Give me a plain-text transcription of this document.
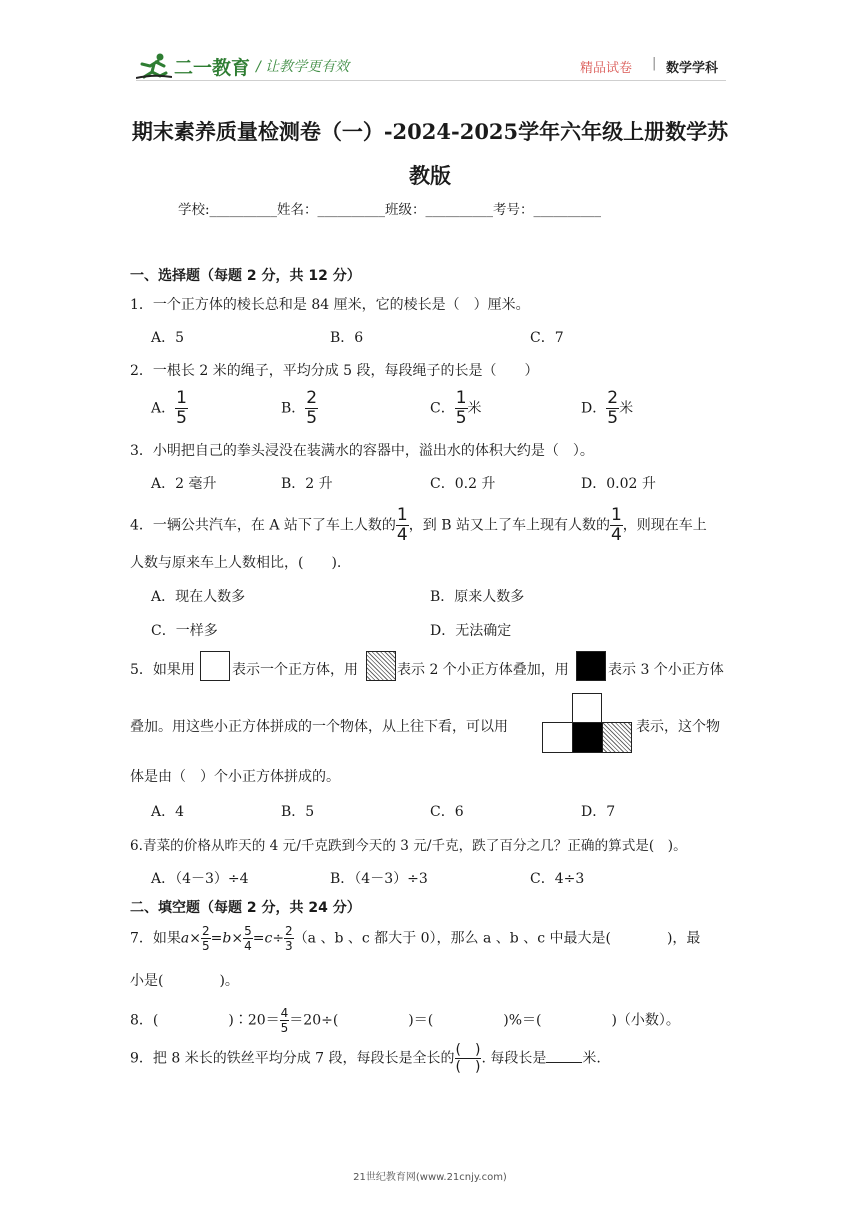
二一教育 / 让教学更有效	精品试卷 | 数学学科
期末素养质量检测卷（一）-2024-2025学年六年级上册数学苏
教版
学校:__________姓名：__________班级：__________考号：__________
一、选择题（每题 2 分，共 12 分）
1．一个正方体的棱长总和是 84 厘米，它的棱长是（　）厘米。
A．5	B．6	C．7
2．一根长 2 米的绳子，平均分成 5 段，每段绳子的长是（　　）
A． $\frac{1}{5}$	B． $\frac{2}{5}$	C． $\frac{1}{5}$ 米	D． $\frac{2}{5}$ 米
3．小明把自己的拳头浸没在装满水的容器中，溢出水的体积大约是（　）。
A．2 毫升	B．2 升	C．0.2 升	D．0.02 升
4．一辆公共汽车，在 A 站下了车上人数的 $\frac{1}{4}$ ，到 B 站又上了车上现有人数的 $\frac{1}{4}$ ，则现在车上
人数与原来车上人数相比，(　　).
A．现在人数多	B．原来人数多
C．一样多	D．无法确定
5．如果用	表示一个正方体，用	表示 2 个小正方体叠加，用	表示 3 个小正方体
叠加。用这些小正方体拼成的一个物体，从上往下看，可以用	表示，这个物
体是由（　）个小正方体拼成的。
A．4	B．5	C．6	D．7
6.青菜的价格从昨天的 4 元/千克跌到今天的 3 元/千克，跌了百分之几？正确的算式是(　)。
A．（4－3）÷4	B．（4－3）÷3	C．4÷3
二、填空题（每题 2 分，共 24 分）
7．如果$a\times \frac{2}{5} =b\times \frac{5}{4} =c\div \frac{2}{3} (a$ 、b 、c 都大于 0），那么 a 、b 、c 中最大是(　　　　)，最
小是(　　　　)。
8．(　　　　　)∶20＝ $\frac{4}{5} =20\div$(　　　　　)＝(　　　　　)%＝(　　　　　)（小数）。
9．把 8 米长的铁丝平均分成 7 段，每段长是全长的 $\frac{( )}{( )}$ . 每段长是	米.
21世纪教育网(www.21cnjy.com)
